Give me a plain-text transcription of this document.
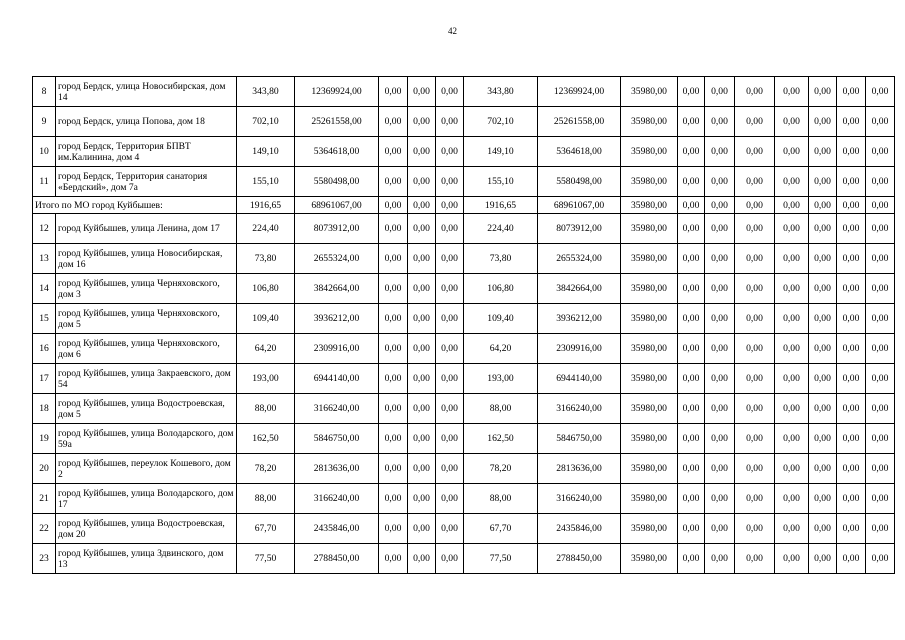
42
8	город Бердск, улица Новосибирская, дом 14	343,80	12369924,00	0,00	0,00	0,00	343,80	12369924,00	35980,00	0,00	0,00	0,00	0,00	0,00	0,00	0,00
9	город Бердск, улица Попова, дом 18	702,10	25261558,00	0,00	0,00	0,00	702,10	25261558,00	35980,00	0,00	0,00	0,00	0,00	0,00	0,00	0,00
10	город Бердск, Территория БПВТ им.Калинина, дом 4	149,10	5364618,00	0,00	0,00	0,00	149,10	5364618,00	35980,00	0,00	0,00	0,00	0,00	0,00	0,00	0,00
11	город Бердск, Территория санатория «Бердский», дом 7а	155,10	5580498,00	0,00	0,00	0,00	155,10	5580498,00	35980,00	0,00	0,00	0,00	0,00	0,00	0,00	0,00
Итого по МО город Куйбышев:		1916,65	68961067,00	0,00	0,00	0,00	1916,65	68961067,00	35980,00	0,00	0,00	0,00	0,00	0,00	0,00	0,00
12	город Куйбышев, улица Ленина, дом 17	224,40	8073912,00	0,00	0,00	0,00	224,40	8073912,00	35980,00	0,00	0,00	0,00	0,00	0,00	0,00	0,00
13	город Куйбышев, улица Новосибирская, дом 16	73,80	2655324,00	0,00	0,00	0,00	73,80	2655324,00	35980,00	0,00	0,00	0,00	0,00	0,00	0,00	0,00
14	город Куйбышев, улица Черняховского, дом 3	106,80	3842664,00	0,00	0,00	0,00	106,80	3842664,00	35980,00	0,00	0,00	0,00	0,00	0,00	0,00	0,00
15	город Куйбышев, улица Черняховского, дом 5	109,40	3936212,00	0,00	0,00	0,00	109,40	3936212,00	35980,00	0,00	0,00	0,00	0,00	0,00	0,00	0,00
16	город Куйбышев, улица Черняховского, дом 6	64,20	2309916,00	0,00	0,00	0,00	64,20	2309916,00	35980,00	0,00	0,00	0,00	0,00	0,00	0,00	0,00
17	город Куйбышев, улица Закраевского, дом 54	193,00	6944140,00	0,00	0,00	0,00	193,00	6944140,00	35980,00	0,00	0,00	0,00	0,00	0,00	0,00	0,00
18	город Куйбышев, улица Водостроевская, дом 5	88,00	3166240,00	0,00	0,00	0,00	88,00	3166240,00	35980,00	0,00	0,00	0,00	0,00	0,00	0,00	0,00
19	город Куйбышев, улица Володарского, дом 59а	162,50	5846750,00	0,00	0,00	0,00	162,50	5846750,00	35980,00	0,00	0,00	0,00	0,00	0,00	0,00	0,00
20	город Куйбышев, переулок Кошевого, дом 2	78,20	2813636,00	0,00	0,00	0,00	78,20	2813636,00	35980,00	0,00	0,00	0,00	0,00	0,00	0,00	0,00
21	город Куйбышев, улица Володарского, дом 17	88,00	3166240,00	0,00	0,00	0,00	88,00	3166240,00	35980,00	0,00	0,00	0,00	0,00	0,00	0,00	0,00
22	город Куйбышев, улица Водостроевская, дом 20	67,70	2435846,00	0,00	0,00	0,00	67,70	2435846,00	35980,00	0,00	0,00	0,00	0,00	0,00	0,00	0,00
23	город Куйбышев, улица Здвинского, дом 13	77,50	2788450,00	0,00	0,00	0,00	77,50	2788450,00	35980,00	0,00	0,00	0,00	0,00	0,00	0,00	0,00
